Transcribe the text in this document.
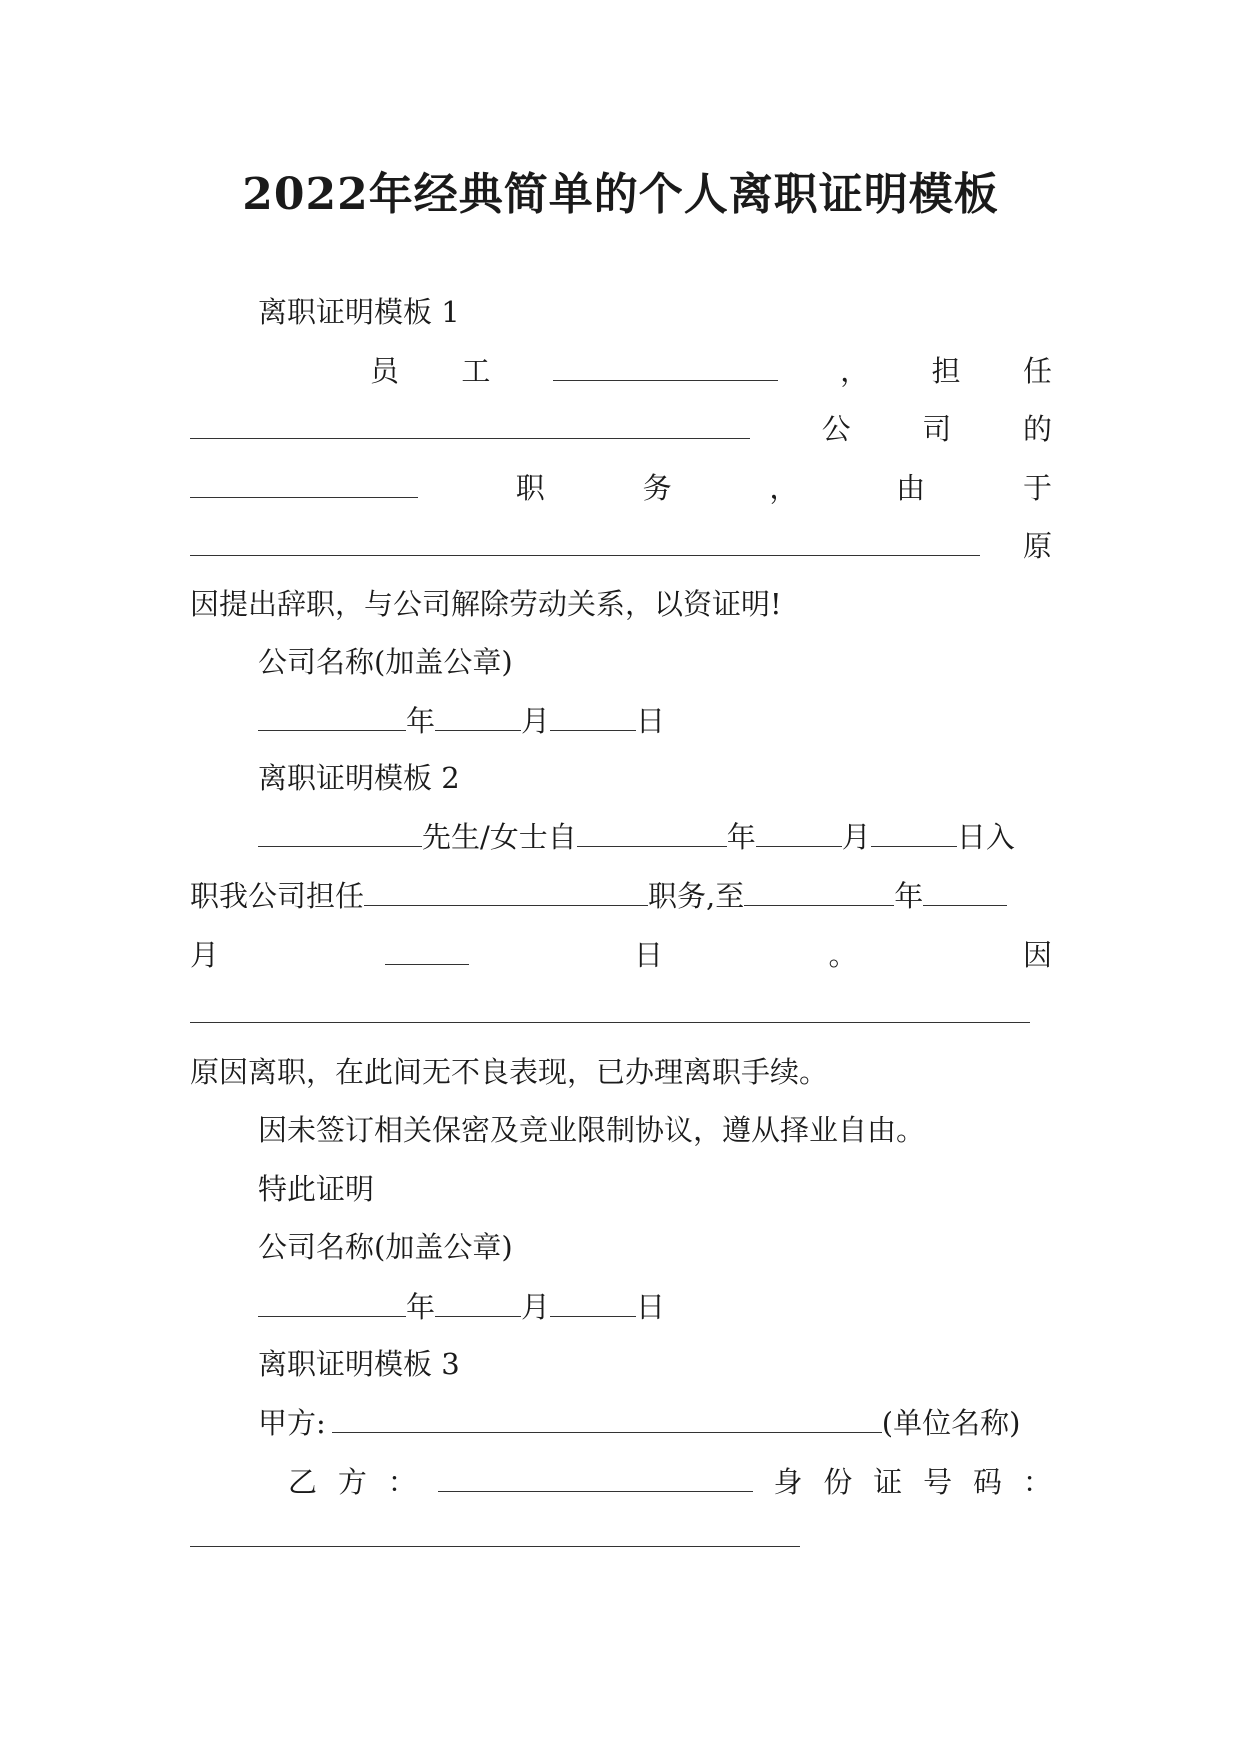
2022年经典简单的个人离职证明模板
离职证明模板 1
员 工	， 担 任
公 司 的
职	务	，	由	于
原
因提出辞职，与公司解除劳动关系，以资证明!
公司名称(加盖公章)
年	月	日
离职证明模板 2
先生/女士自	年	月	日入
职我公司担任	职务,至	年
月	日	。	因
原因离职，在此间无不良表现，已办理离职手续。
因未签订相关保密及竞业限制协议，遵从择业自由。
特此证明
公司名称(加盖公章)
年	月	日
离职证明模板 3
甲方:	(单位名称)
乙 方 ：	身 份 证 号 码 ：
